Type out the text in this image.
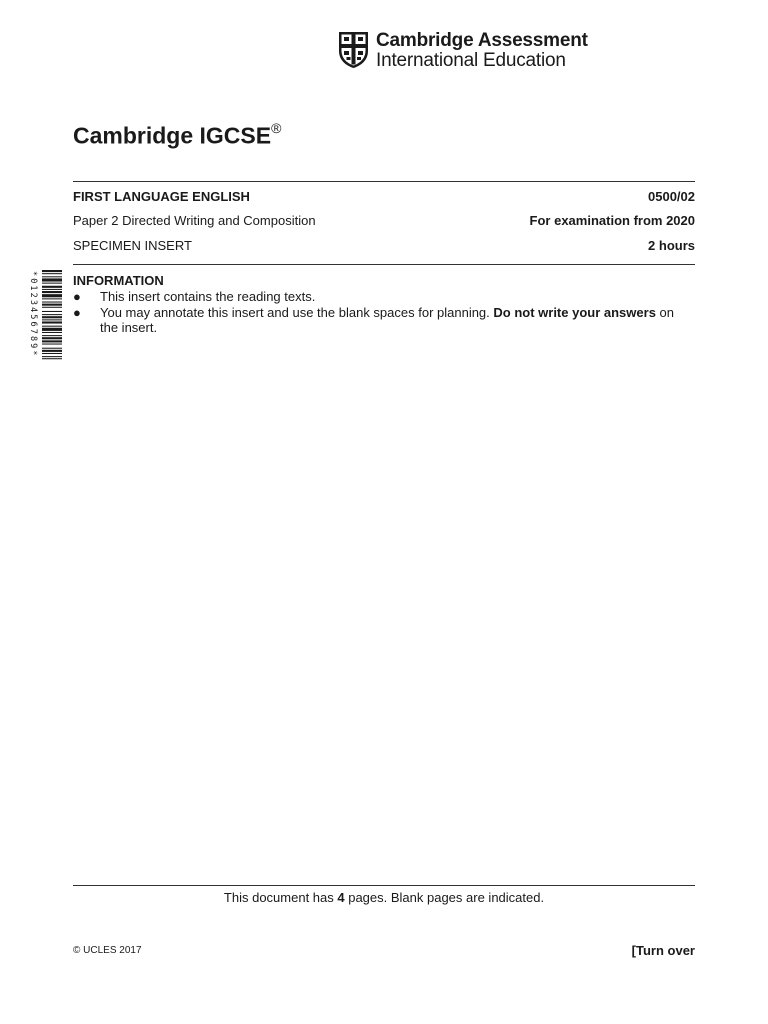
Cambridge Assessment
International Education
Cambridge IGCSE®
FIRST LANGUAGE ENGLISH	0500/02
Paper 2 Directed Writing and Composition	For examination from 2020
SPECIMEN INSERT	2 hours
*0123456789*	INFORMATION
● This insert contains the reading texts.
● You may annotate this insert and use the blank spaces for planning. Do not write your answers on the insert.
This document has 4 pages. Blank pages are indicated.
© UCLES 2017	[Turn over
